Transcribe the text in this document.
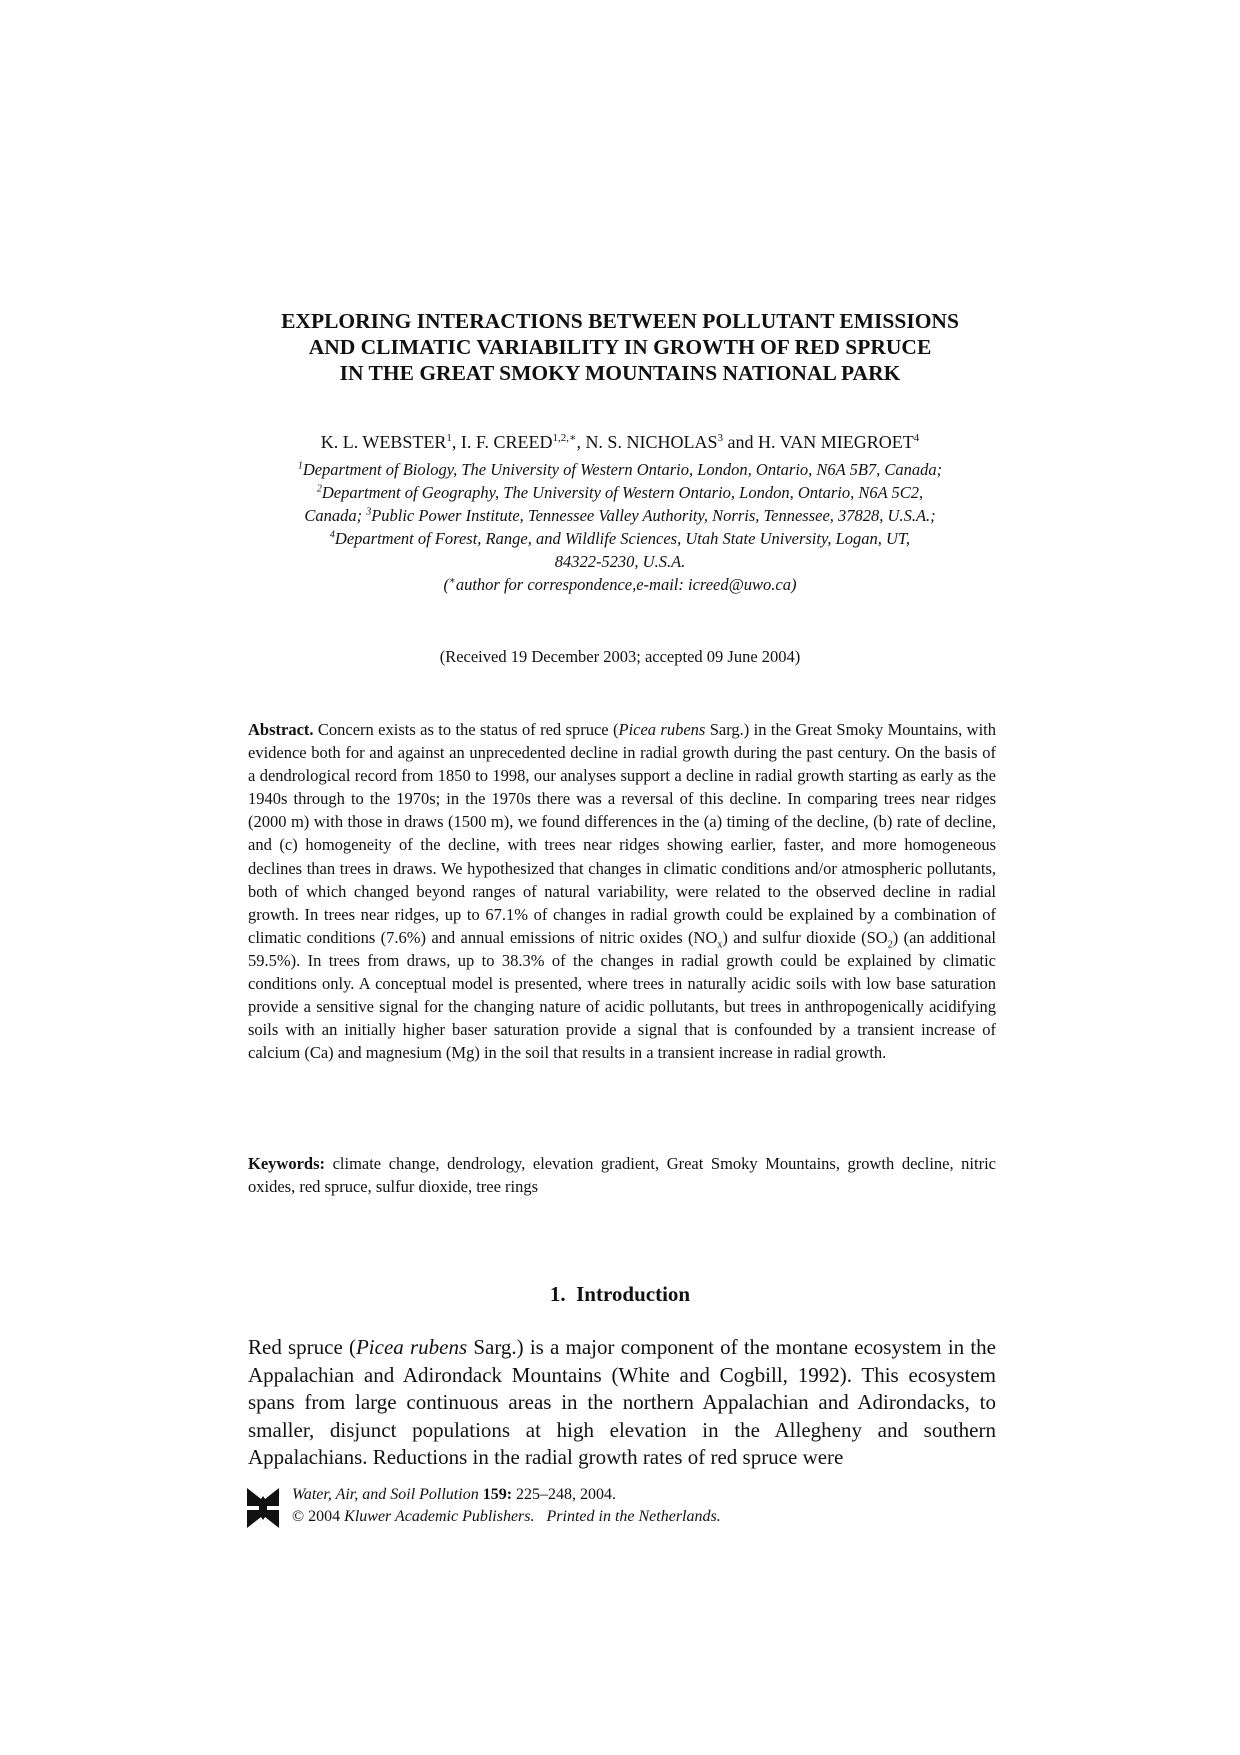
EXPLORING INTERACTIONS BETWEEN POLLUTANT EMISSIONS
AND CLIMATIC VARIABILITY IN GROWTH OF RED SPRUCE
IN THE GREAT SMOKY MOUNTAINS NATIONAL PARK
K. L. WEBSTER$^1$, I. F. $CREED^{1,2,∗}$, N. S. NICHOLAS$^3$ and H. VAN MIEGROET$^4$
$^1$Department of Biology, The University of Western Ontario, London, Ontario, N6A 5B7, Canada;
$^2$Department of Geography, The University of Western Ontario, London, Ontario, N6A 5C2,
Canada; $^3$Public Power Institute, Tennessee Valley Authority, Norris, Tennessee, 37828, U.S.A.;
$^4$Department of Forest, Range, and Wildlife Sciences, Utah State University, Logan, UT,
84322-5230, U.S.A.
(∗author for correspondence,e-mail: icreed@uwo.ca)
(Received 19 December 2003; accepted 09 June 2004)
Abstract. Concern exists as to the status of red spruce (Picea rubens Sarg.) in the Great Smoky Mountains, with evidence both for and against an unprecedented decline in radial growth during the past century. On the basis of a dendrological record from 1850 to 1998, our analyses support a decline in radial growth starting as early as the 1940s through to the 1970s; in the 1970s there was a reversal of this decline. In comparing trees near ridges (2000 m) with those in draws (1500 m), we found differences in the (a) timing of the decline, (b) rate of decline, and (c) homogeneity of the decline, with trees near ridges showing earlier, faster, and more homogeneous declines than trees in draws. We hypothesized that changes in climatic conditions and/or atmospheric pollutants, both of which changed beyond ranges of natural variability, were related to the observed decline in radial growth. In trees near ridges, up to 67.1% of changes in radial growth could be explained by a combination of climatic conditions (7.6%) and annual emissions of nitric oxides $(NO_x)$ and sulfur dioxide $(SO_2)$ (an additional 59.5%). In trees from draws, up to 38.3% of the changes in radial growth could be explained by climatic conditions only. A conceptual model is presented, where trees in naturally acidic soils with low base saturation provide a sensitive signal for the changing nature of acidic pollutants, but trees in anthropogenically acidifying soils with an initially higher baser saturation provide a signal that is confounded by a transient increase of calcium (Ca) and magnesium (Mg) in the soil that results in a transient increase in radial growth.
Keywords: climate change, dendrology, elevation gradient, Great Smoky Mountains, growth decline, nitric oxides, red spruce, sulfur dioxide, tree rings
1. Introduction
Red spruce (Picea rubens Sarg.) is a major component of the montane ecosystem in the Appalachian and Adirondack Mountains (White and Cogbill, 1992). This ecosystem spans from large continuous areas in the northern Appalachian and Adirondacks, to smaller, disjunct populations at high elevation in the Allegheny and southern Appalachians. Reductions in the radial growth rates of red spruce were
Water, Air, and Soil Pollution 159: 225–248, 2004.
© 2004 Kluwer Academic Publishers. Printed in the Netherlands.
